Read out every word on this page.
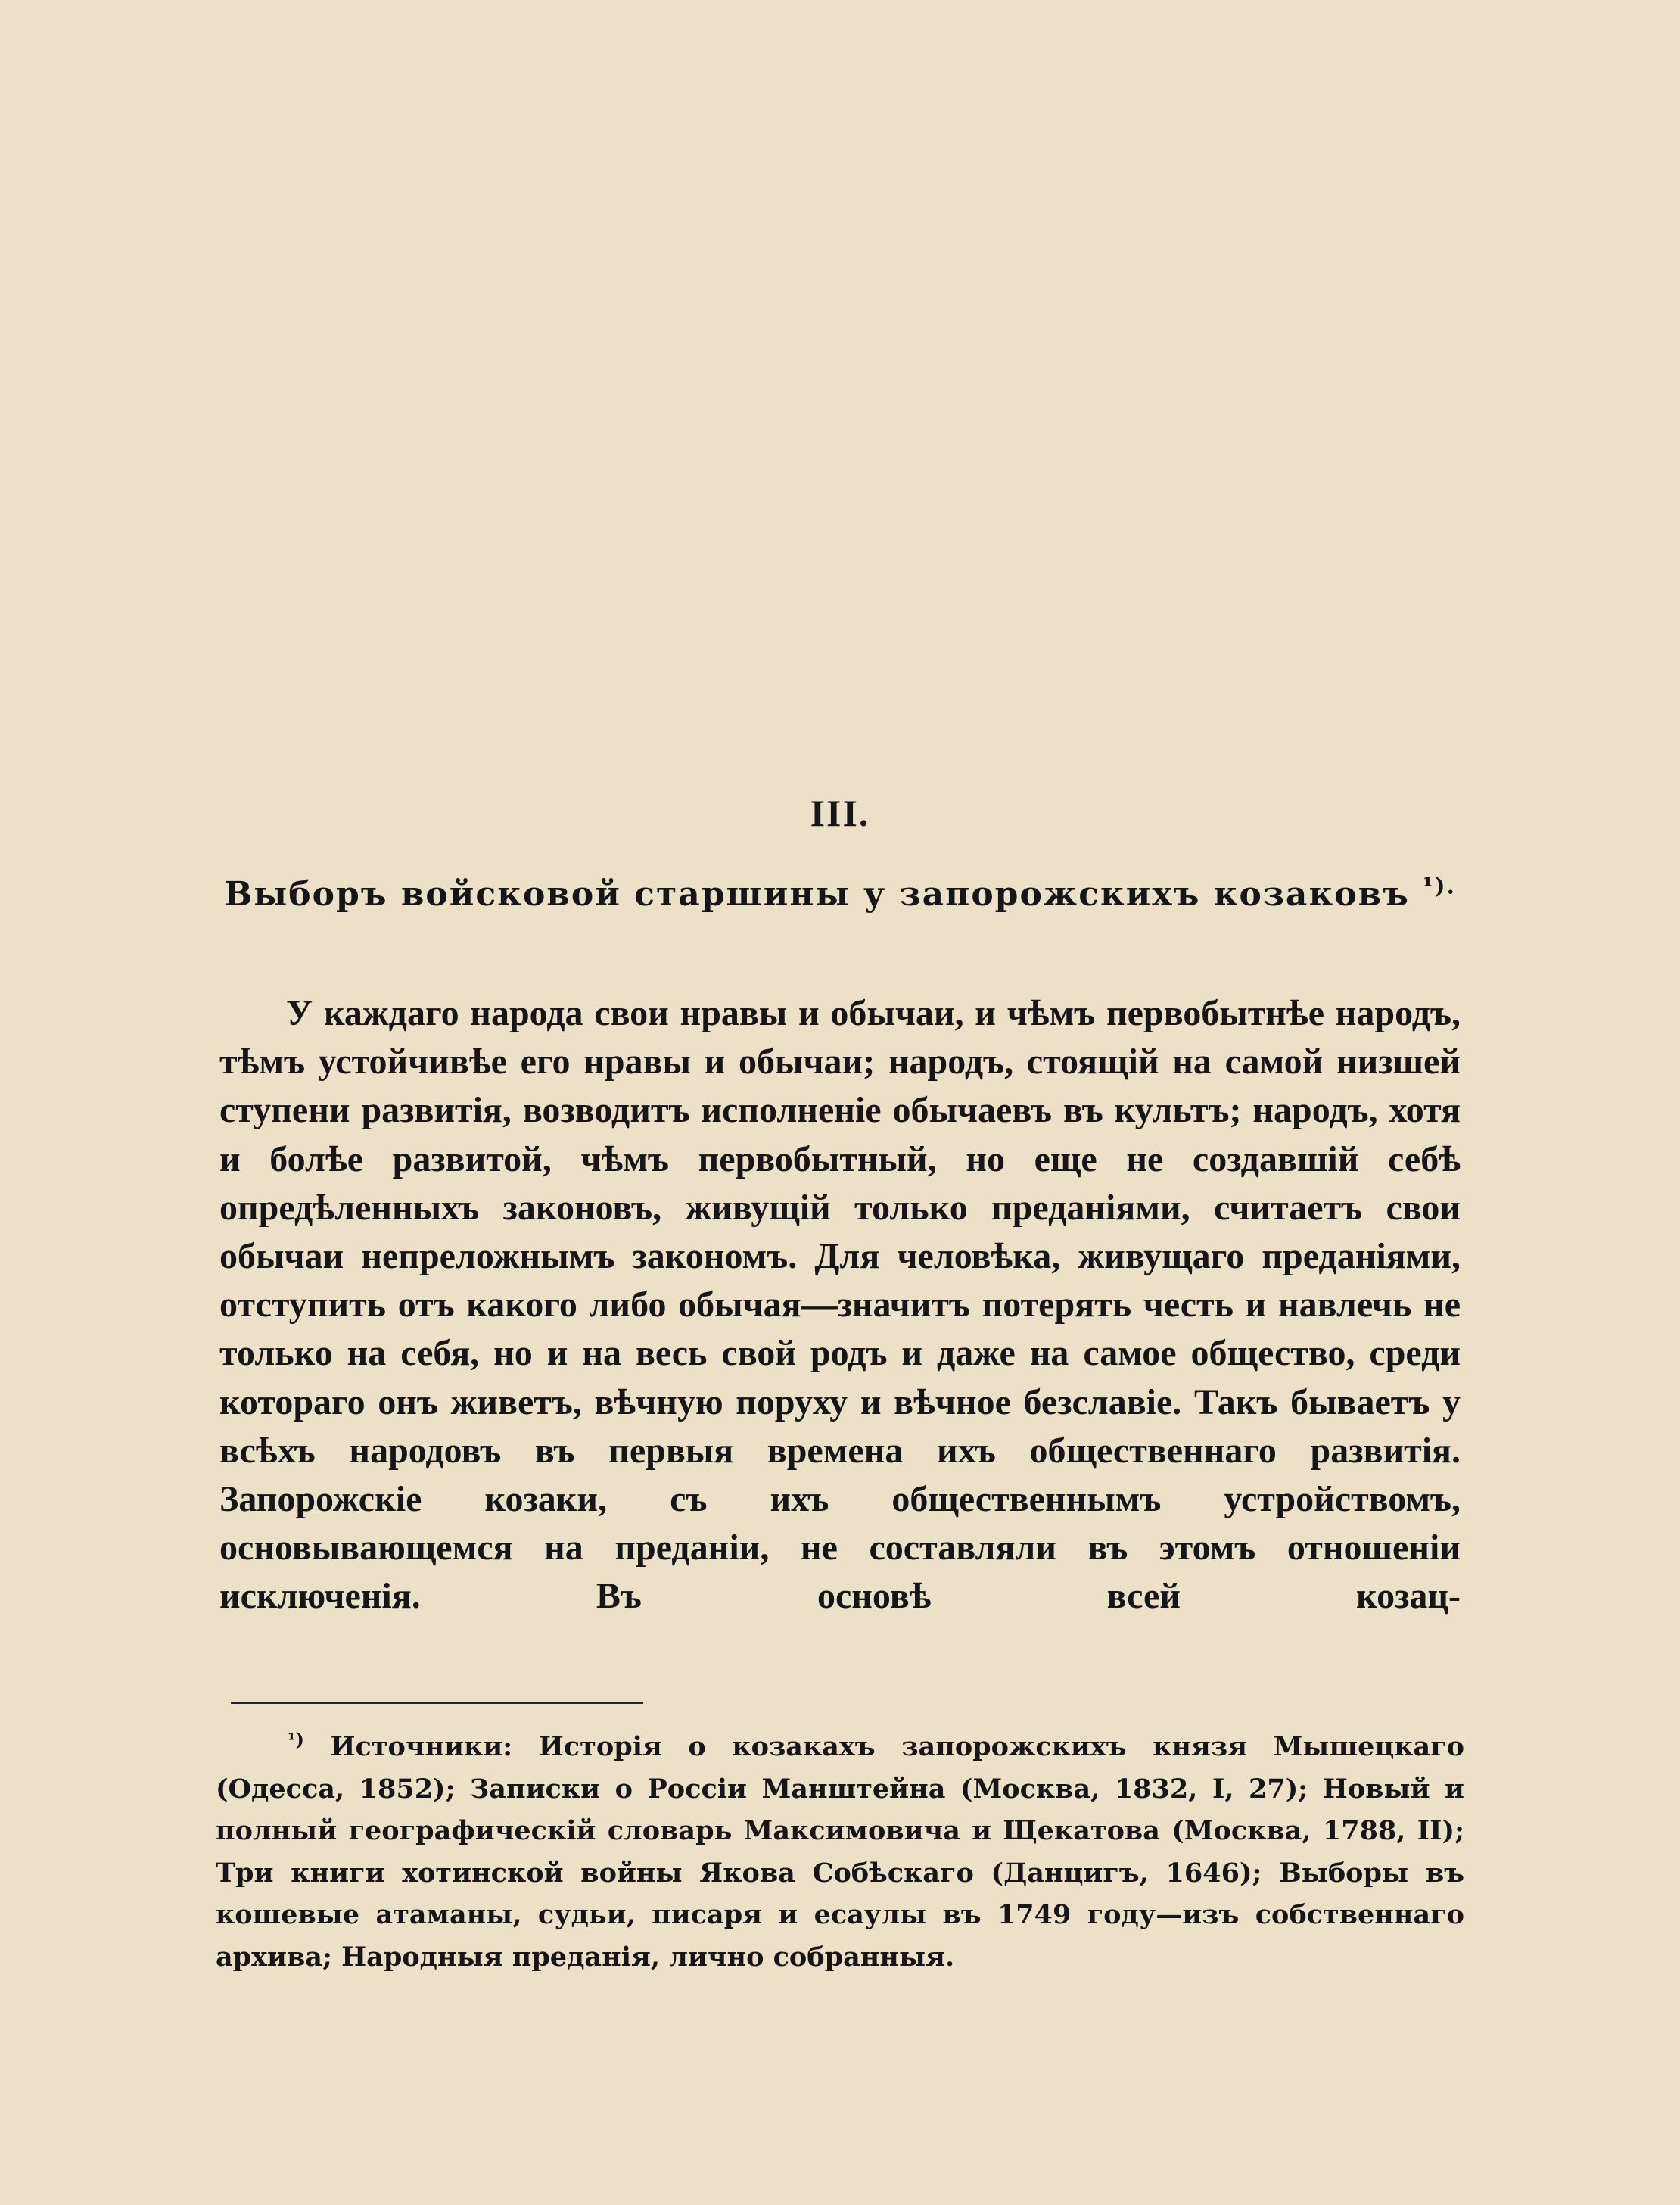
III.
Выборъ войсковой старшины у запорожскихъ козаковъ $^{^1).}$

У каждаго народа свои нравы и обычаи, и чѣмъ первобытнѣе народъ, тѣмъ устойчивѣе его нравы и обычаи; народъ, стоящій на самой низшей ступени развитія, возводитъ исполненіе обычаевъ въ культъ; народъ, хотя и болѣе развитой, чѣмъ первобытный, но еще не создавшій себѣ опредѣленныхъ законовъ, живущій только преданіями, считаетъ свои обычаи непреложнымъ закономъ. Для человѣка, живущаго преданіями, отступить отъ какого либо обычая—значитъ потерять честь и навлечь не только на себя, но и на весь свой родъ и даже на самое общество, среди котораго онъ живетъ, вѣчную поруху и вѣчное безславіе. Такъ бываетъ у всѣхъ народовъ въ первыя времена ихъ общественнаго развитія. Запорожскіе козаки, съ ихъ общественнымъ устройствомъ, основывающемся на преданіи, не составляли въ этомъ отношеніи исключенія. Въ основѣ всей козац-

$^{^1)}$ Источники: Исторія о козакахъ запорожскихъ князя Мышецкаго (Одесса, 1852); Записки о Россіи Манштейна (Москва, 1832, I, 27); Новый и полный географическій словарь Максимовича и Щекатова (Москва, 1788, II); Три книги хотинской войны Якова Собѣскаго (Данцигъ, 1646); Выборы въ кошевые атаманы, судьи, писаря и есаулы въ 1749 году—изъ собственнаго архива; Народныя преданія, лично собранныя.
